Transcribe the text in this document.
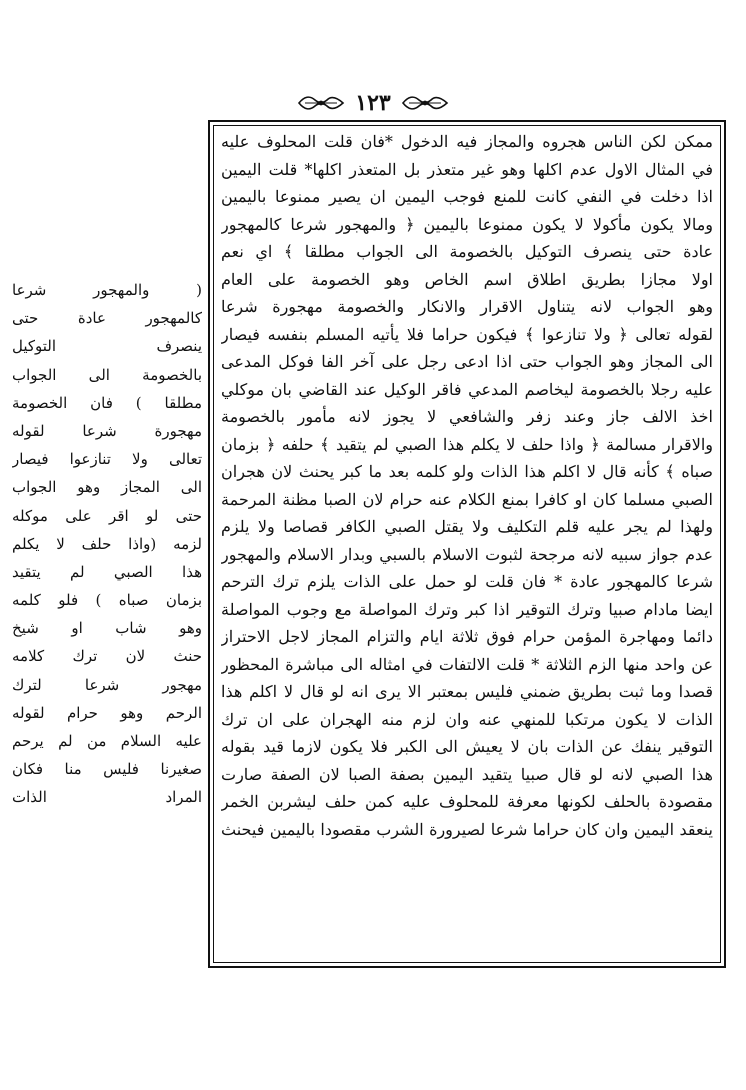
١٢٣
ممكن لكن الناس هجروه والمجاز فيه الدخول *فان قلت المحلوف عليه
في المثال الاول عدم اكلها وهو غير متعذر بل المتعذر اكلها* قلت اليمين
اذا دخلت في النفي كانت للمنع فوجب اليمين ان يصير ممنوعا باليمين
ومالا يكون مأكولا لا يكون ممنوعا باليمين ﴿ والمهجور شرعا كالمهجور
عادة حتى ينصرف التوكيل بالخصومة الى الجواب مطلقا ﴾ اي نعم
اولا مجازا بطريق اطلاق اسم الخاص وهو الخصومة على العام
وهو الجواب لانه يتناول الاقرار والانكار والخصومة مهجورة شرعا
لقوله تعالى ﴿ ولا تنازعوا ﴾ فيكون حراما فلا يأتيه المسلم بنفسه فيصار
الى المجاز وهو الجواب حتى اذا ادعى رجل على آخر الفا فوكل المدعى
عليه رجلا بالخصومة ليخاصم المدعي فاقر الوكيل عند القاضي بان موكلي
اخذ الالف جاز وعند زفر والشافعي لا يجوز لانه مأمور بالخصومة
والاقرار مسالمة ﴿ واذا حلف لا يكلم هذا الصبي لم يتقيد ﴾ حلفه ﴿ بزمان
صباه ﴾ كأنه قال لا اكلم هذا الذات ولو كلمه بعد ما كبر يحنث لان هجران
الصبي مسلما كان او كافرا بمنع الكلام عنه حرام لان الصبا مظنة المرحمة
ولهذا لم يجر عليه قلم التكليف ولا يقتل الصبي الكافر قصاصا ولا يلزم
عدم جواز سبيه لانه مرجحة لثبوت الاسلام بالسبي وبدار الاسلام والمهجور
شرعا كالمهجور عادة * فان قلت لو حمل على الذات يلزم ترك الترحم
ايضا مادام صبيا وترك التوقير اذا كبر وترك المواصلة مع وجوب المواصلة
دائما ومهاجرة المؤمن حرام فوق ثلاثة ايام والتزام المجاز لاجل الاحتراز
عن واحد منها الزم الثلاثة * قلت الالتفات في امثاله الى مباشرة المحظور
قصدا وما ثبت بطريق ضمني فليس بمعتبر الا يرى انه لو قال لا اكلم هذا
الذات لا يكون مرتكبا للمنهي عنه وان لزم منه الهجران على ان ترك
التوقير ينفك عن الذات بان لا يعيش الى الكبر فلا يكون لازما قيد بقوله
هذا الصبي لانه لو قال صبيا يتقيد اليمين بصفة الصبا لان الصفة صارت
مقصودة بالحلف لكونها معرفة للمحلوف عليه كمن حلف ليشربن الخمر
ينعقد اليمين وان كان حراما شرعا لصيرورة الشرب مقصودا باليمين فيحنث
( والمهجور شرعا
كالمهجور عادة حتى
ينصرف التوكيل
بالخصومة الى الجواب
مطلقا ) فان الخصومة
مهجورة شرعا لقوله
تعالى ولا تنازعوا فيصار
الى المجاز وهو الجواب
حتى لو اقر على موكله
لزمه (واذا حلف لا يكلم
هذا الصبي لم يتقيد
بزمان صباه ) فلو كلمه
وهو شاب او شيخ
حنث لان ترك كلامه
مهجور شرعا لترك
الرحم وهو حرام لقوله
عليه السلام من لم يرحم
صغيرنا فليس منا فكان
المراد الذات
